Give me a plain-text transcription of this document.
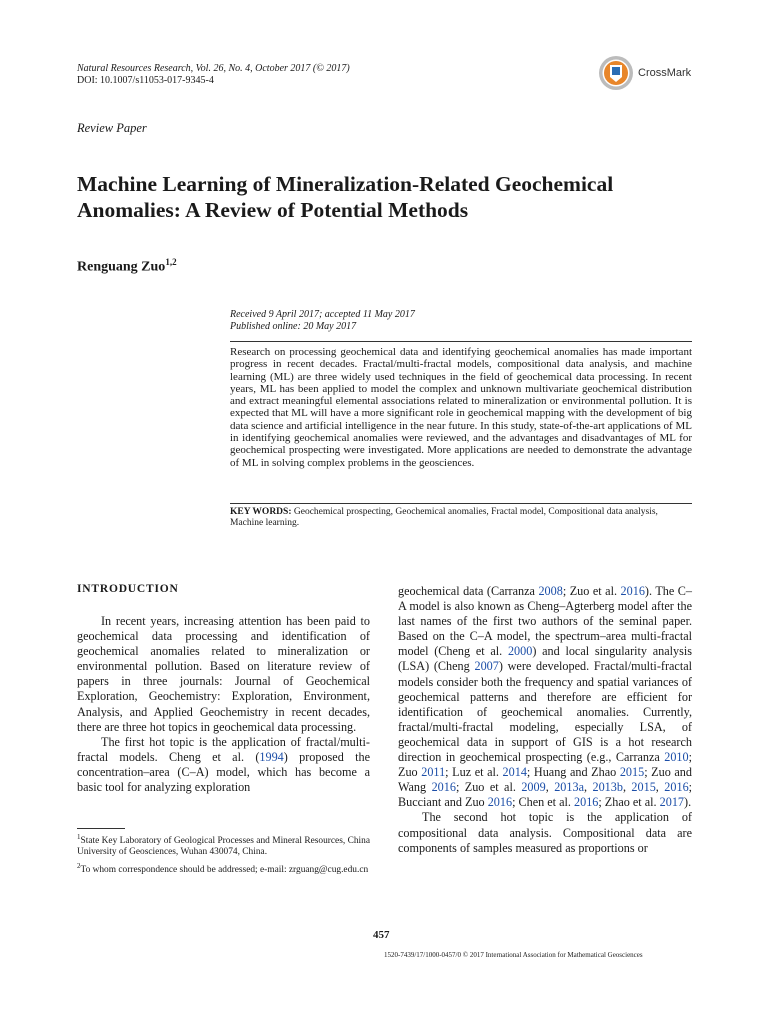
Natural Resources Research, Vol. 26, No. 4, October 2017 (© 2017)
DOI: 10.1007/s11053-017-9345-4
CrossMark
Review Paper
Machine Learning of Mineralization-Related Geochemical
Anomalies: A Review of Potential Methods
Renguang Zuo$^{1,2}$
Received 9 April 2017; accepted 11 May 2017
Published online: 20 May 2017
Research on processing geochemical data and identifying geochemical anomalies has made important progress in recent decades. Fractal/multi-fractal models, compositional data analysis, and machine learning (ML) are three widely used techniques in the field of geochemical data processing. In recent years, ML has been applied to model the complex and unknown multivariate geochemical distribution and extract meaningful elemental associations related to mineralization or environmental pollution. It is expected that ML will have a more significant role in geochemical mapping with the development of big data science and artificial intelligence in the near future. In this study, state-of-the-art applications of ML in identifying geochemical anomalies were reviewed, and the advantages and disadvantages of ML for geochemical prospecting were investigated. More applications are needed to demonstrate the advantage of ML in solving complex problems in the geosciences.
KEY WORDS: Geochemical prospecting, Geochemical anomalies, Fractal model, Compositional data analysis, Machine learning.
INTRODUCTION

In recent years, increasing attention has been paid to geochemical data processing and identification of geochemical anomalies related to mineralization or environmental pollution. Based on literature review of papers in three journals: Journal of Geochemical Exploration, Geochemistry: Exploration, Environment, Analysis, and Applied Geochemistry in recent decades, there are three hot topics in geochemical data processing.

The first hot topic is the application of fractal/multi-fractal models. Cheng et al. (1994) proposed the concentration–area (C–A) model, which has become a basic tool for analyzing exploration

geochemical data (Carranza 2008; Zuo et al. 2016). The C–A model is also known as Cheng–Agterberg model after the last names of the first two authors of the seminal paper. Based on the C–A model, the spectrum–area multi-fractal model (Cheng et al. 2000) and local singularity analysis (LSA) (Cheng 2007) were developed. Fractal/multi-fractal models consider both the frequency and spatial variances of geochemical patterns and therefore are efficient for identification of geochemical anomalies. Currently, fractal/multi-fractal modeling, especially LSA, of geochemical data in support of GIS is a hot research direction in geochemical prospecting (e.g., Carranza 2010; Zuo 2011; Luz et al. 2014; Huang and Zhao 2015; Zuo and Wang 2016; Zuo et al. 2009, 2013a, 2013b, 2015, 2016; Bucciant and Zuo 2016; Chen et al. 2016; Zhao et al. 2017).

The second hot topic is the application of compositional data analysis. Compositional data are components of samples measured as proportions or

$^1$State Key Laboratory of Geological Processes and Mineral Resources, China University of Geosciences, Wuhan 430074, China.

$^2$To whom correspondence should be addressed; e-mail: zrguang@cug.edu.cn

457
1520-7439/17/1000-0457/0 © 2017 International Association for Mathematical Geosciences
